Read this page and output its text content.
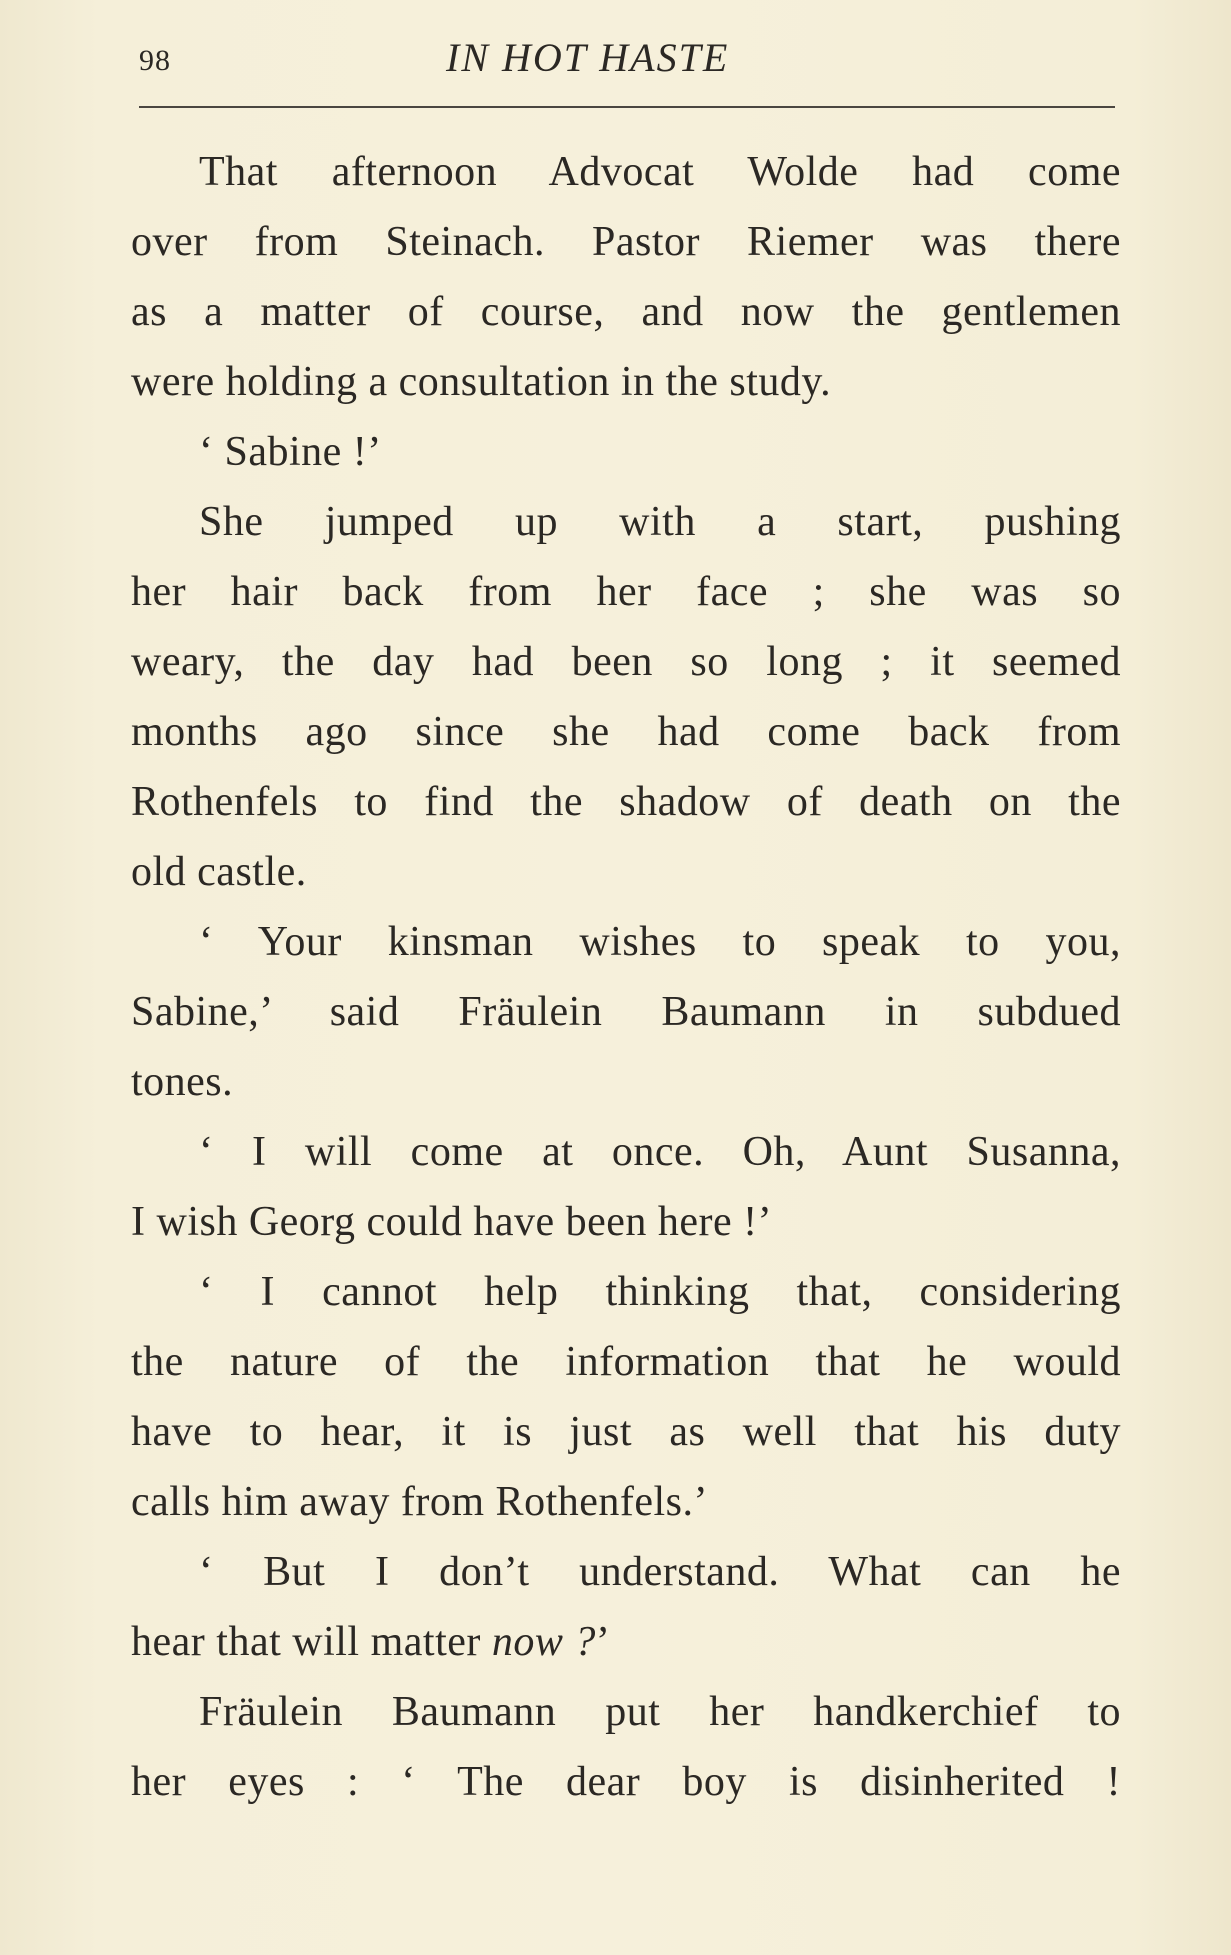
98	IN HOT HASTE
That afternoon Advocat Wolde had come
over from Steinach. Pastor Riemer was there
as a matter of course, and now the gentlemen
were holding a consultation in the study.
‘ Sabine !’
She jumped up with a start, pushing
her hair back from her face ; she was so
weary, the day had been so long ; it seemed
months ago since she had come back from
Rothenfels to find the shadow of death on the
old castle.
‘ Your kinsman wishes to speak to you,
Sabine,’ said Fräulein Baumann in subdued
tones.
‘ I will come at once. Oh, Aunt Susanna,
I wish Georg could have been here !’
‘ I cannot help thinking that, considering
the nature of the information that he would
have to hear, it is just as well that his duty
calls him away from Rothenfels.’
‘ But I don’t understand. What can he
hear that will matter now ?’
Fräulein Baumann put her handkerchief to
her eyes : ‘ The dear boy is disinherited !
